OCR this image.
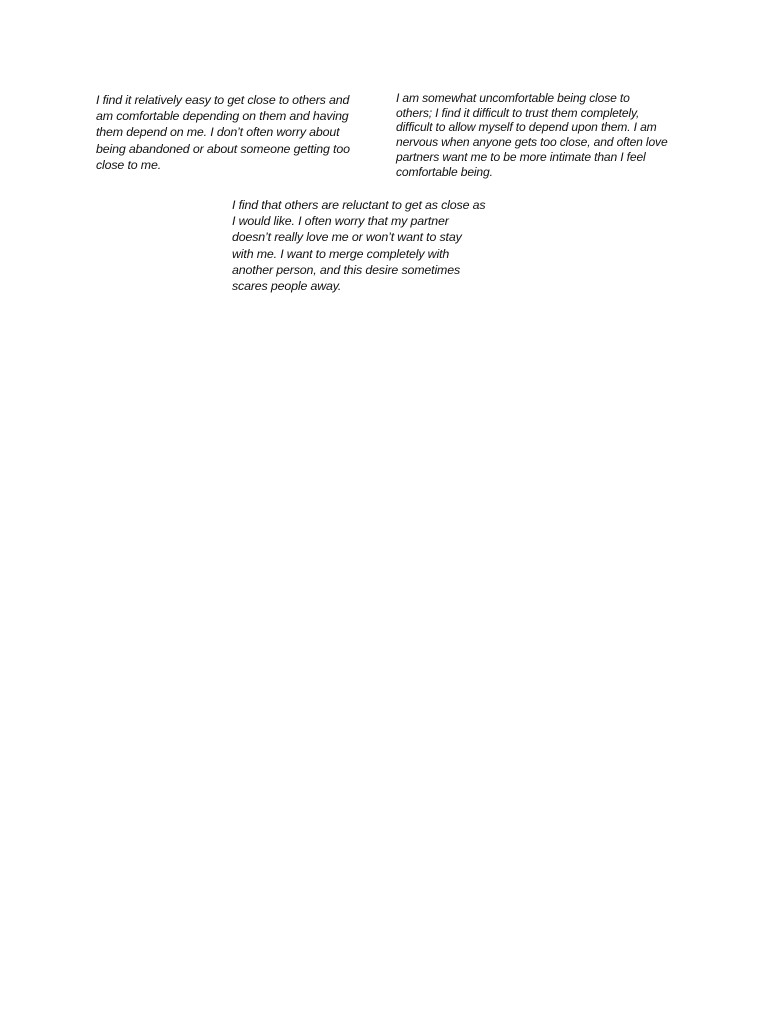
I find it relatively easy to get close to others and
am comfortable depending on them and having
them depend on me. I don’t often worry about
being abandoned or about someone getting too
close to me.

I am somewhat uncomfortable being close to
others; I find it difficult to trust them completely,
difficult to allow myself to depend upon them. I am
nervous when anyone gets too close, and often love
partners want me to be more intimate than I feel
comfortable being.

I find that others are reluctant to get as close as
I would like. I often worry that my partner
doesn’t really love me or won’t want to stay
with me. I want to merge completely with
another person, and this desire sometimes
scares people away.
